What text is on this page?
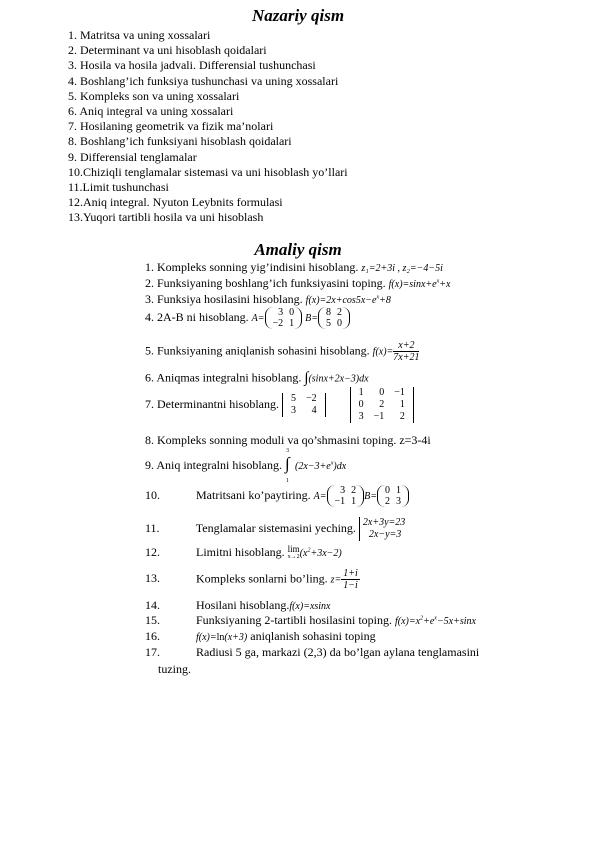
Nazariy qism
1. Matritsa va uning xossalari
2. Determinant va uni hisoblash qoidalari
3. Hosila va hosila jadvali. Differensial tushunchasi
4. Boshlang’ich funksiya tushunchasi va uning xossalari
5. Kompleks son va uning xossalari
6. Aniq integral va uning xossalari
7. Hosilaning geometrik va fizik ma’nolari
8. Boshlang’ich funksiyani hisoblash qoidalari
9. Differensial tenglamalar
10.Chiziqli tenglamalar sistemasi va uni hisoblash yo’llari
11.Limit tushunchasi
12.Aniq integral. Nyuton Leybnits formulasi
13.Yuqori tartibli hosila va uni hisoblash
Amaliy qism
1. Kompleks sonning yig’indisini hisoblang. z₁=2+3i , z₂=−4−5i
2. Funksiyaning boshlang’ich funksiyasini toping. $f(x)=\sin x+e^x+x$
3. Funksiya hosilasini hisoblang. $f(x)=2x+\cos 5x-e^x+8$
4. 2A-B ni hisoblang. A=
3	0
−2	1 B=
8	2
5	0
5. Funksiyaning aniqlanish sohasini hisoblang. $f(x)= \frac{x+2}{7x+21}$
6. Aniqmas integralni hisoblang. ∫(sinx+2x−3)dx
7. Determinantni hisoblang. 5	−2
3	4

1	0	−1
0	2	1
3	−1	2
8. Kompleks sonning moduli va qo’shmasini toping. z=3-4i
9. Aniq integralni hisoblang.
3
∫
1
$(2x-3+e^x)dx$
10.	Matritsani ko’paytiring. A=
3	2
−1	1 B=
0	1
2	3
11.	Tenglamalar sistemasini yeching. 2x+3y=23
2x−y=3
12.	Limitni hisoblang. lim
x→2 $(x^2+3x-2)$
13.	Kompleks sonlarni bo’ling. $z= \frac{1+i}{1-i}$
14.	Hosilani hisoblang.f(x)=xsinx
15.	Funksiyaning 2-tartibli hosilasini toping. $f(x)=x^2+e^x-5x+\sin x$
16.	f(x)=ln(x+3) aniqlanish sohasini toping
17.	Radiusi 5 ga, markazi (2,3) da bo’lgan aylana tenglamasini
tuzing.
